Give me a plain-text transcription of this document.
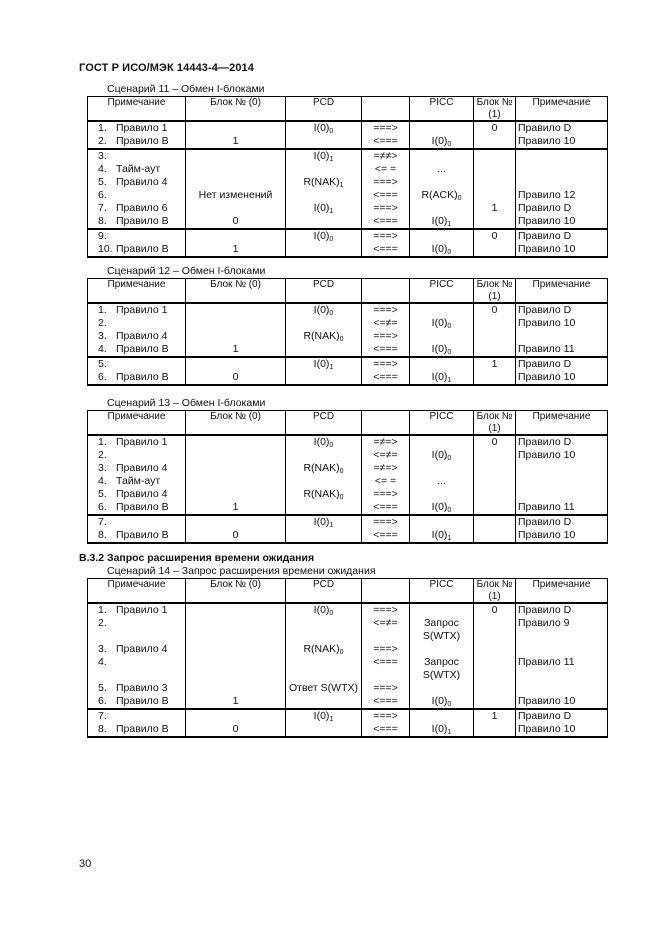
ГОСТ Р ИСО/МЭК 14443-4—2014
Сценарий 11 – Обмен I-блоками
Примечание	Блок № (0)	PCD		PICC	Блок № (1)	Примечание
1. Правило 1		$I(0)_0$	===>		0	Правило D
2. Правило B	1		<===	$I(0)_0$		Правило 10
3.		$I(0)_1$	=≠≠>			
4. Тайм-аут			<= =	...		
5. Правило 4		$R(NAK)_1$	===>			
6.	Нет изменений		<===	$R(ACK)_0$		Правило 12
7. Правило 6		$I(0)_1$	===>		1	Правило D
8. Правило B	0		<===	$I(0)_1$		Правило 10
9.		$I(0)_0$	===>		0	Правило D
10. Правило B	1		<===	$I(0)_0$		Правило 10
Сценарий 12 – Обмен I-блоками
Примечание	Блок № (0)	PCD		PICC	Блок № (1)	Примечание
1. Правило 1		$I(0)_0$	===>		0	Правило D
2.			<=≠=	$I(0)_0$		Правило 10
3. Правило 4		$R(NAK)_0$	===>			
4. Правило B	1		<===	$I(0)_0$		Правило 11
5.		$I(0)_1$	===>		1	Правило D
6. Правило B	0		<===	$I(0)_1$		Правило 10
Сценарий 13 – Обмен I-блоками
Примечание	Блок № (0)	PCD		PICC	Блок № (1)	Примечание
1. Правило 1		$I(0)_0$	=≠=>		0	Правило D
2.			<=≠=	$I(0)_0$		Правило 10
3. Правило 4		$R(NAK)_0$	=≠=>			
4. Тайм-аут			<= =	...		
5. Правило 4		$R(NAK)_0$	===>			
6. Правило B	1		<===	$I(0)_0$		Правило 11
7.		$I(0)_1$	===>			Правило D
8. Правило B	0		<===	$I(0)_1$		Правило 10
В.3.2 Запрос расширения времени ожидания
Сценарий 14 – Запрос расширения времени ожидания
Примечание	Блок № (0)	PCD		PICC	Блок № (1)	Примечание
1. Правило 1		$I(0)_0$	===>		0	Правило D
2.			<=≠=	Запрос S(WTX)		Правило 9
3. Правило 4		$R(NAK)_0$	===>			
4.			<===	Запрос S(WTX)		Правило 11
5. Правило 3		Ответ S(WTX)	===>			
6. Правило B	1		<===	$I(0)_0$		Правило 10
7.		$I(0)_1$	===>		1	Правило D
8. Правило B	0		<===	$I(0)_1$		Правило 10
30
